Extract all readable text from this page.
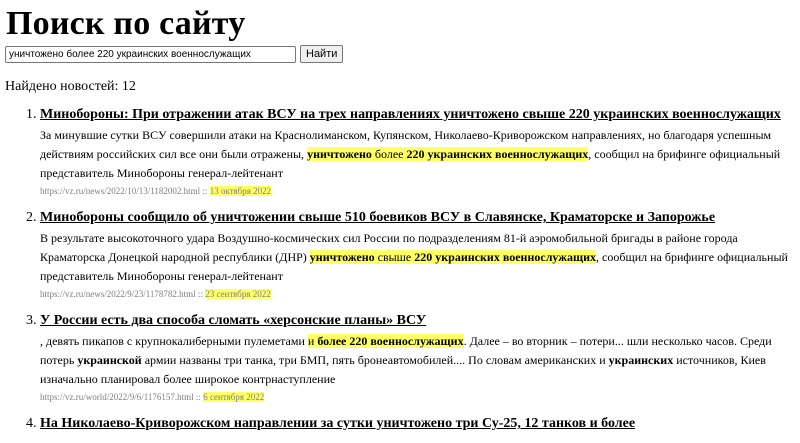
Поиск по сайту
уничтожено более 220 украинских военнослужащих
Найти
Найдено новостей: 12
1. Минобороны: При отражении атак ВСУ на трех направлениях уничтожено свыше 220 украинских военнослужащих
За минувшие сутки ВСУ совершили атаки на Краснолиманском, Купянском, Николаево-Криворожском направлениях, но благодаря успешным действиям российских сил все они были отражены, уничтожено более 220 украинских военнослужащих, сообщил на брифинге официальный представитель Минобороны генерал-лейтенант
https://vz.ru/news/2022/10/13/1182002.html :: 13 октября 2022
2. Минобороны сообщило об уничтожении свыше 510 боевиков ВСУ в Славянске, Краматорске и Запорожье
В результате высокоточного удара Воздушно-космических сил России по подразделениям 81-й аэромобильной бригады в районе города Краматорска Донецкой народной республики (ДНР) уничтожено свыше 220 украинских военнослужащих, сообщил на брифинге официальный представитель Минобороны генерал-лейтенант
https://vz.ru/news/2022/9/23/1178782.html :: 23 сентября 2022
3. У России есть два способа сломать «херсонские планы» ВСУ
, девять пикапов с крупнокалиберными пулеметами и более 220 военнослужащих. Далее – во вторник – потери... шли несколько часов. Среди потерь украинской армии названы три танка, три БМП, пять бронеавтомобилей.... По словам американских и украинских источников, Киев изначально планировал более широкое контрнаступление
https://vz.ru/world/2022/9/6/1176157.html :: 6 сентября 2022
4. На Николаево-Криворожском направлении за сутки уничтожено три Су-25, 12 танков и более
